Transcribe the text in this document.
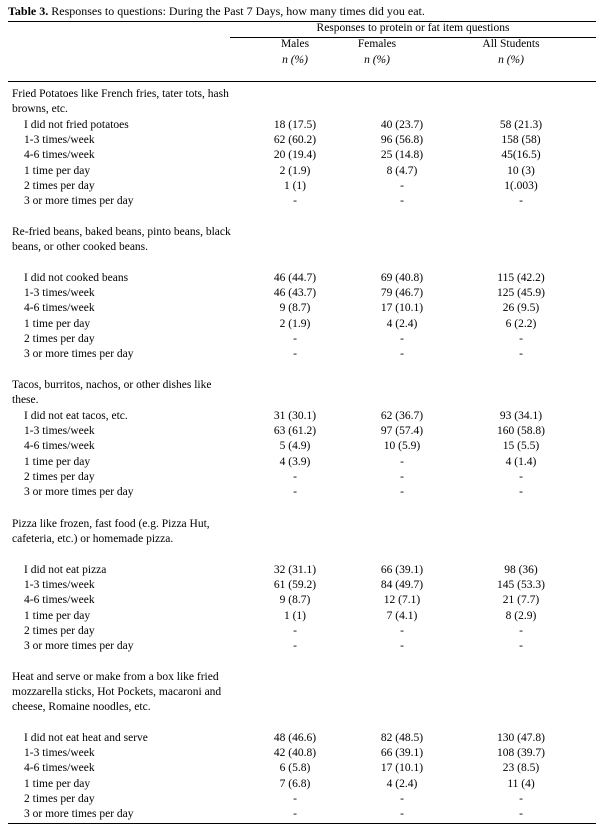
Table 3. Responses to questions: During the Past 7 Days, how many times did you eat.
Responses to protein or fat item questions
Males	Females	All Students
n (%)	n (%)	n (%)
Fried Potatoes like French fries, tater tots, hash browns, etc.
I did not fried potatoes	18 (17.5)	40 (23.7)	58 (21.3)
1-3 times/week	62 (60.2)	96 (56.8)	158 (58)
4-6 times/week	20 (19.4)	25 (14.8)	45(16.5)
1 time per day	2 (1.9)	8 (4.7)	10 (3)
2 times per day	1 (1)	-	1(.003)
3 or more times per day	-	-	-
Re-fried beans, baked beans, pinto beans, black beans, or other cooked beans.
I did not cooked beans	46 (44.7)	69 (40.8)	115 (42.2)
1-3 times/week	46 (43.7)	79 (46.7)	125 (45.9)
4-6 times/week	9 (8.7)	17 (10.1)	26 (9.5)
1 time per day	2 (1.9)	4 (2.4)	6 (2.2)
2 times per day	-	-	-
3 or more times per day	-	-	-
Tacos, burritos, nachos, or other dishes like these.
I did not eat tacos, etc.	31 (30.1)	62 (36.7)	93 (34.1)
1-3 times/week	63 (61.2)	97 (57.4)	160 (58.8)
4-6 times/week	5 (4.9)	10 (5.9)	15 (5.5)
1 time per day	4 (3.9)	-	4 (1.4)
2 times per day	-	-	-
3 or more times per day	-	-	-
Pizza like frozen, fast food (e.g. Pizza Hut, cafeteria, etc.) or homemade pizza.
I did not eat pizza	32 (31.1)	66 (39.1)	98 (36)
1-3 times/week	61 (59.2)	84 (49.7)	145 (53.3)
4-6 times/week	9 (8.7)	12 (7.1)	21 (7.7)
1 time per day	1 (1)	7 (4.1)	8 (2.9)
2 times per day	-	-	-
3 or more times per day	-	-	-
Heat and serve or make from a box like fried mozzarella sticks, Hot Pockets, macaroni and cheese, Romaine noodles, etc.
I did not eat heat and serve	48 (46.6)	82 (48.5)	130 (47.8)
1-3 times/week	42 (40.8)	66 (39.1)	108 (39.7)
4-6 times/week	6 (5.8)	17 (10.1)	23 (8.5)
1 time per day	7 (6.8)	4 (2.4)	11 (4)
2 times per day	-	-	-
3 or more times per day	-	-	-
